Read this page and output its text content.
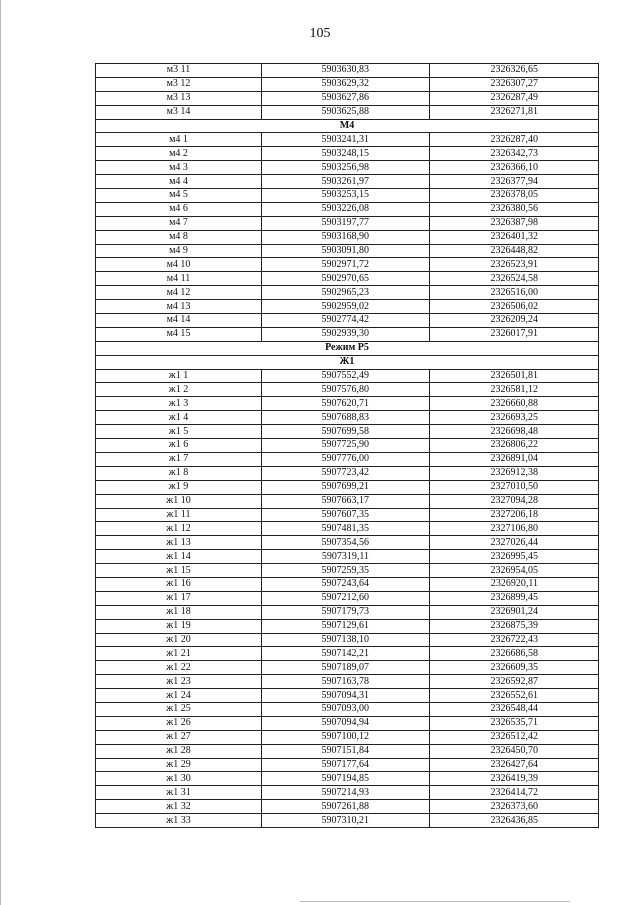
105
м3 11	5903630,83	2326326,65
м3 12	5903629,32	2326307,27
м3 13	5903627,86	2326287,49
м3 14	5903625,88	2326271,81
М4		
м4 1	5903241,31	2326287,40
м4 2	5903248,15	2326342,73
м4 3	5903256,98	2326366,10
м4 4	5903261,97	2326377,94
м4 5	5903253,15	2326378,05
м4 6	5903226,08	2326380,56
м4 7	5903197,77	2326387,98
м4 8	5903168,90	2326401,32
м4 9	5903091,80	2326448,82
м4 10	5902971,72	2326523,91
м4 11	5902970,65	2326524,58
м4 12	5902965,23	2326516,00
м4 13	5902959,02	2326506,02
м4 14	5902774,42	2326209,24
м4 15	5902939,30	2326017,91
Режим Р5		
Ж1		
ж1 1	5907552,49	2326501,81
ж1 2	5907576,80	2326581,12
ж1 3	5907620,71	2326660,88
ж1 4	5907688,83	2326693,25
ж1 5	5907699,58	2326698,48
ж1 6	5907725,90	2326806,22
ж1 7	5907776,00	2326891,04
ж1 8	5907723,42	2326912,38
ж1 9	5907699,21	2327010,50
ж1 10	5907663,17	2327094,28
ж1 11	5907607,35	2327206,18
ж1 12	5907481,35	2327106,80
ж1 13	5907354,56	2327026,44
ж1 14	5907319,11	2326995,45
ж1 15	5907259,35	2326954,05
ж1 16	5907243,64	2326920,11
ж1 17	5907212,60	2326899,45
ж1 18	5907179,73	2326901,24
ж1 19	5907129,61	2326875,39
ж1 20	5907138,10	2326722,43
ж1 21	5907142,21	2326686,58
ж1 22	5907189,07	2326609,35
ж1 23	5907163,78	2326592,87
ж1 24	5907094,31	2326552,61
ж1 25	5907093,00	2326548,44
ж1 26	5907094,94	2326535,71
ж1 27	5907100,12	2326512,42
ж1 28	5907151,84	2326450,70
ж1 29	5907177,64	2326427,64
ж1 30	5907194,85	2326419,39
ж1 31	5907214,93	2326414,72
ж1 32	5907261,88	2326373,60
ж1 33	5907310,21	2326436,85
